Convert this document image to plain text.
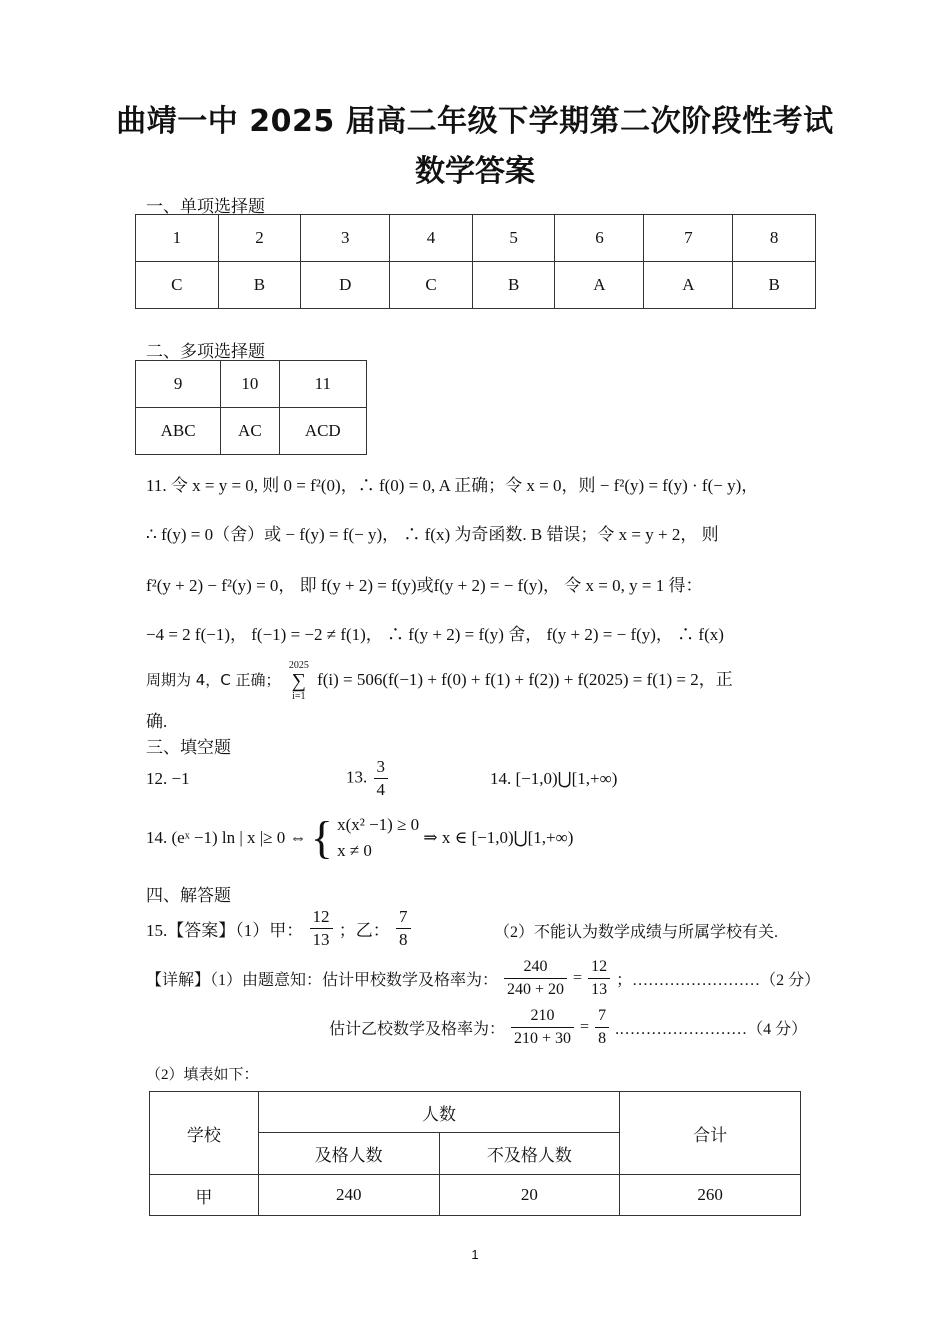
曲靖一中 2025 届高二年级下学期第二次阶段性考试
数学答案
一、单项选择题
1	2	3	4	5	6	7	8
C	B	D	C	B	A	A	B
二、多项选择题
9	10	11
ABC	AC	ACD
11. 令 x = y = 0, 则 0 = f²(0)，∴ f(0) = 0, A 正确；令 x = 0，则 − f²(y) = f(y) · f(− y)，
∴ f(y) = 0（舍）或 − f(y) = f(− y)， ∴ f(x) 为奇函数. B 错误；令 x = y + 2， 则
f²(y + 2) − f²(y) = 0， 即 f(y + 2) = f(y)或f(y + 2) = − f(y)， 令 x = 0, y = 1 得：
−4 = 2 f(−1)， f(−1) = −2 ≠ f(1)， ∴ f(y + 2) = f(y) 舍， f(y + 2) = − f(y)， ∴ f(x)
周期为 4，C 正确；
2025
∑
i=1
f(i) = 506(f(−1) + f(0) + f(1) + f(2)) + f(2025) = f(1) = 2，正
确.
三、填空题
12. −1	13. $\frac{3}{4}$	14. [−1,0)⋃[1,+∞)
14. (eˣ −1) ln | x |≥ 0 ⇔ { x(x² −1) ≥ 0
x ≠ 0
⇒ x ∈ [−1,0)⋃[1,+∞)
四、解答题
15.【答案】（1）甲： $\frac{12}{13}$ ；乙： $\frac{7}{8}$	（2）不能认为数学成绩与所属学校有关.
【详解】（1）由题意知：估计甲校数学及格率为： $\frac{240}{240 + 20} = \frac{12}{13}$ ；……………………（2 分）
估计乙校数学及格率为： $\frac{210}{210 + 30} = \frac{7}{8}$ .……………………（4 分）
（2）填表如下：
学校	人数		合计
	及格人数	不及格人数	
甲	240	20	260
1
